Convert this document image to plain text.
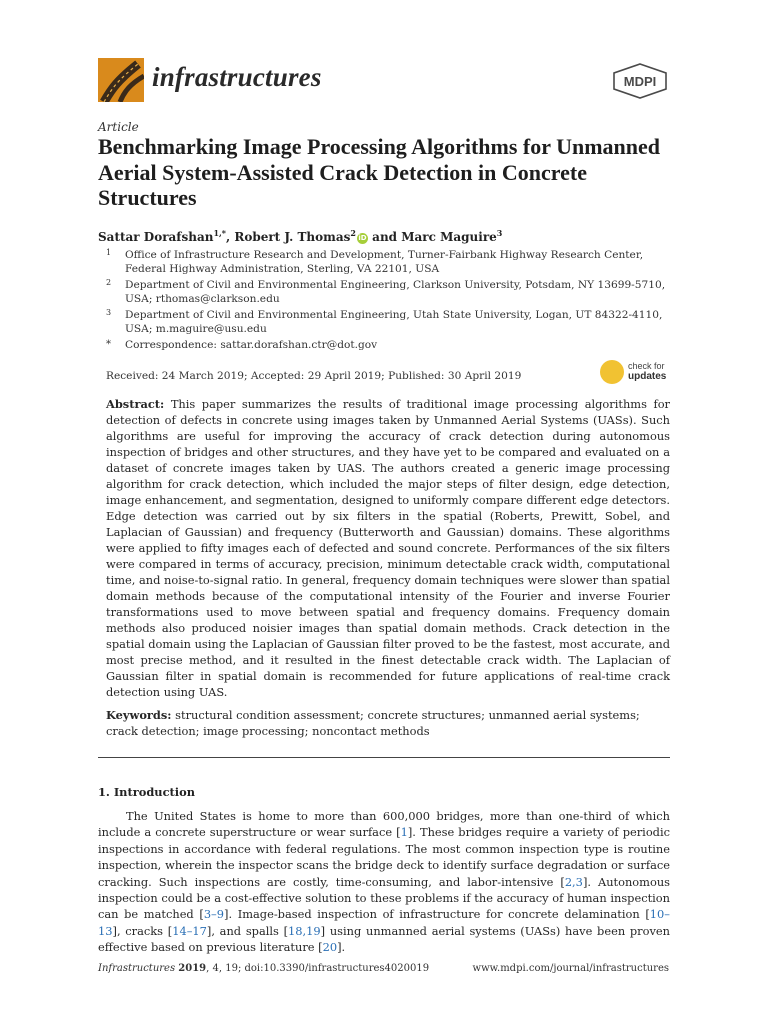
infrastructures	MDPI
Article
Benchmarking Image Processing Algorithms for Unmanned Aerial System-Assisted Crack Detection in Concrete Structures
Sattar Dorafshan$^{1,*}$, Robert J. Thomas$^2$ iD and Marc Maguire$^3$
1 Office of Infrastructure Research and Development, Turner-Fairbank Highway Research Center, Federal Highway Administration, Sterling, VA 22101, USA
2 Department of Civil and Environmental Engineering, Clarkson University, Potsdam, NY 13699-5710, USA; rthomas@clarkson.edu
3 Department of Civil and Environmental Engineering, Utah State University, Logan, UT 84322-4110, USA; m.maguire@usu.edu
* Correspondence: sattar.dorafshan.ctr@dot.gov
Received: 24 March 2019; Accepted: 29 April 2019; Published: 30 April 2019
check for
updates

Abstract: This paper summarizes the results of traditional image processing algorithms for detection of defects in concrete using images taken by Unmanned Aerial Systems (UASs). Such algorithms are useful for improving the accuracy of crack detection during autonomous inspection of bridges and other structures, and they have yet to be compared and evaluated on a dataset of concrete images taken by UAS. The authors created a generic image processing algorithm for crack detection, which included the major steps of filter design, edge detection, image enhancement, and segmentation, designed to uniformly compare different edge detectors. Edge detection was carried out by six filters in the spatial (Roberts, Prewitt, Sobel, and Laplacian of Gaussian) and frequency (Butterworth and Gaussian) domains. These algorithms were applied to fifty images each of defected and sound concrete. Performances of the six filters were compared in terms of accuracy, precision, minimum detectable crack width, computational time, and noise-to-signal ratio. In general, frequency domain techniques were slower than spatial domain methods because of the computational intensity of the Fourier and inverse Fourier transformations used to move between spatial and frequency domains. Frequency domain methods also produced noisier images than spatial domain methods. Crack detection in the spatial domain using the Laplacian of Gaussian filter proved to be the fastest, most accurate, and most precise method, and it resulted in the finest detectable crack width. The Laplacian of Gaussian filter in spatial domain is recommended for future applications of real-time crack detection using UAS.

Keywords: structural condition assessment; concrete structures; unmanned aerial systems; crack detection; image processing; noncontact methods

1. Introduction

The United States is home to more than 600,000 bridges, more than one-third of which include a concrete superstructure or wear surface [1]. These bridges require a variety of periodic inspections in accordance with federal regulations. The most common inspection type is routine inspection, wherein the inspector scans the bridge deck to identify surface degradation or surface cracking. Such inspections are costly, time-consuming, and labor-intensive [2,3]. Autonomous inspection could be a cost-effective solution to these problems if the accuracy of human inspection can be matched [3–9]. Image-based inspection of infrastructure for concrete delamination [10–13], cracks [14–17], and spalls [18,19] using unmanned aerial systems (UASs) have been proven effective based on previous literature [20].

Infrastructures 2019, 4, 19; doi:10.3390/infrastructures4020019	www.mdpi.com/journal/infrastructures
